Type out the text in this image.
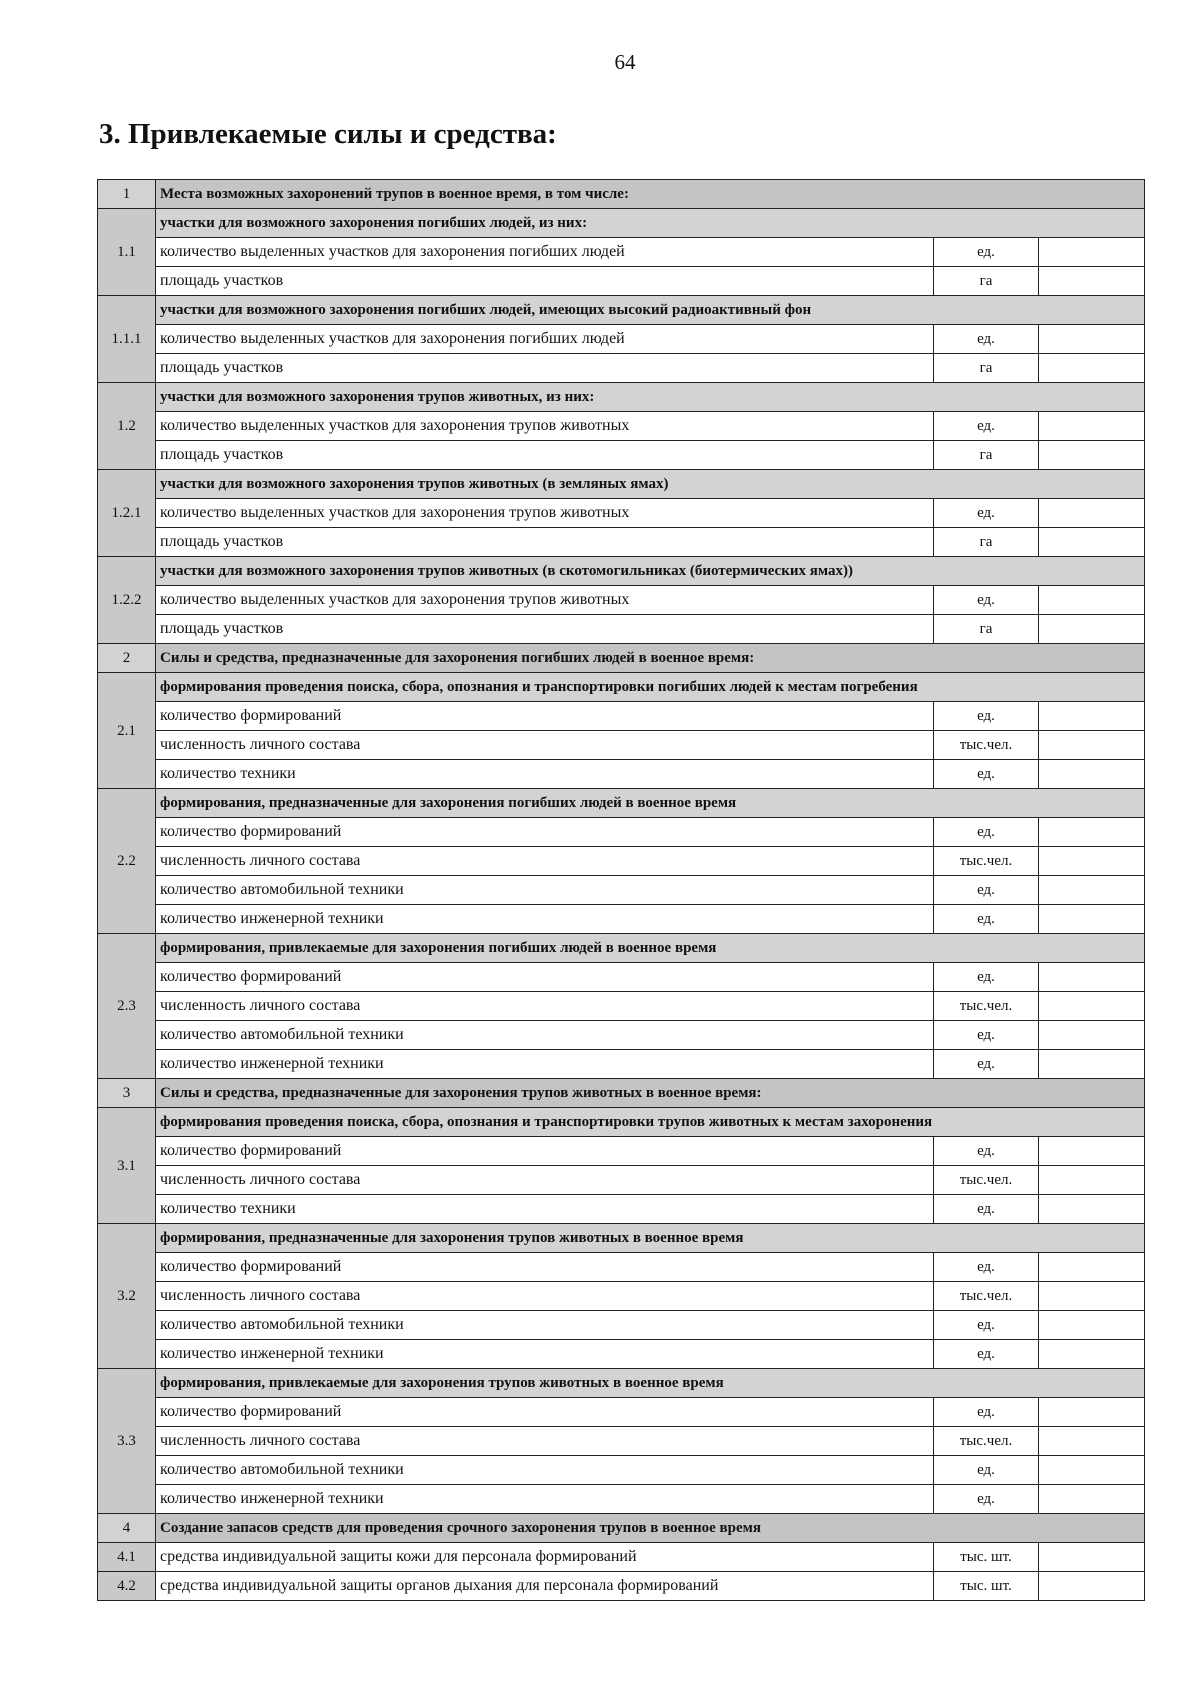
64
3. Привлекаемые силы и средства:
1	Места возможных захоронений трупов в военное время, в том числе:		
1.1	участки для возможного захоронения погибших людей, из них:		
	количество выделенных участков для захоронения погибших людей	ед.	
	площадь участков	га	
1.1.1	участки для возможного захоронения погибших людей, имеющих высокий радиоактивный фон		
	количество выделенных участков для захоронения погибших людей	ед.	
	площадь участков	га	
1.2	участки для возможного захоронения трупов животных, из них:		
	количество выделенных участков для захоронения трупов животных	ед.	
	площадь участков	га	
1.2.1	участки для возможного захоронения трупов животных (в земляных ямах)		
	количество выделенных участков для захоронения трупов животных	ед.	
	площадь участков	га	
1.2.2	участки для возможного захоронения трупов животных (в скотомогильниках (биотермических ямах))		
	количество выделенных участков для захоронения трупов животных	ед.	
	площадь участков	га	
2	Силы и средства, предназначенные для захоронения погибших людей в военное время:		
2.1	формирования проведения поиска, сбора, опознания и транспортировки погибших людей к местам погребения		
	количество формирований	ед.	
	численность личного состава	тыс.чел.	
	количество техники	ед.	
2.2	формирования, предназначенные для захоронения погибших людей в военное время		
	количество формирований	ед.	
	численность личного состава	тыс.чел.	
	количество автомобильной техники	ед.	
	количество инженерной техники	ед.	
2.3	формирования, привлекаемые для захоронения погибших людей в военное время		
	количество формирований	ед.	
	численность личного состава	тыс.чел.	
	количество автомобильной техники	ед.	
	количество инженерной техники	ед.	
3	Силы и средства, предназначенные для захоронения трупов животных в военное время:		
3.1	формирования проведения поиска, сбора, опознания и транспортировки трупов животных к местам захоронения		
	количество формирований	ед.	
	численность личного состава	тыс.чел.	
	количество техники	ед.	
3.2	формирования, предназначенные для захоронения трупов животных в военное время		
	количество формирований	ед.	
	численность личного состава	тыс.чел.	
	количество автомобильной техники	ед.	
	количество инженерной техники	ед.	
3.3	формирования, привлекаемые для захоронения трупов животных в военное время		
	количество формирований	ед.	
	численность личного состава	тыс.чел.	
	количество автомобильной техники	ед.	
	количество инженерной техники	ед.	
4	Создание запасов средств для проведения срочного захоронения трупов в военное время		
4.1	средства индивидуальной защиты кожи для персонала формирований	тыс. шт.	
4.2	средства индивидуальной защиты органов дыхания для персонала формирований	тыс. шт.	
